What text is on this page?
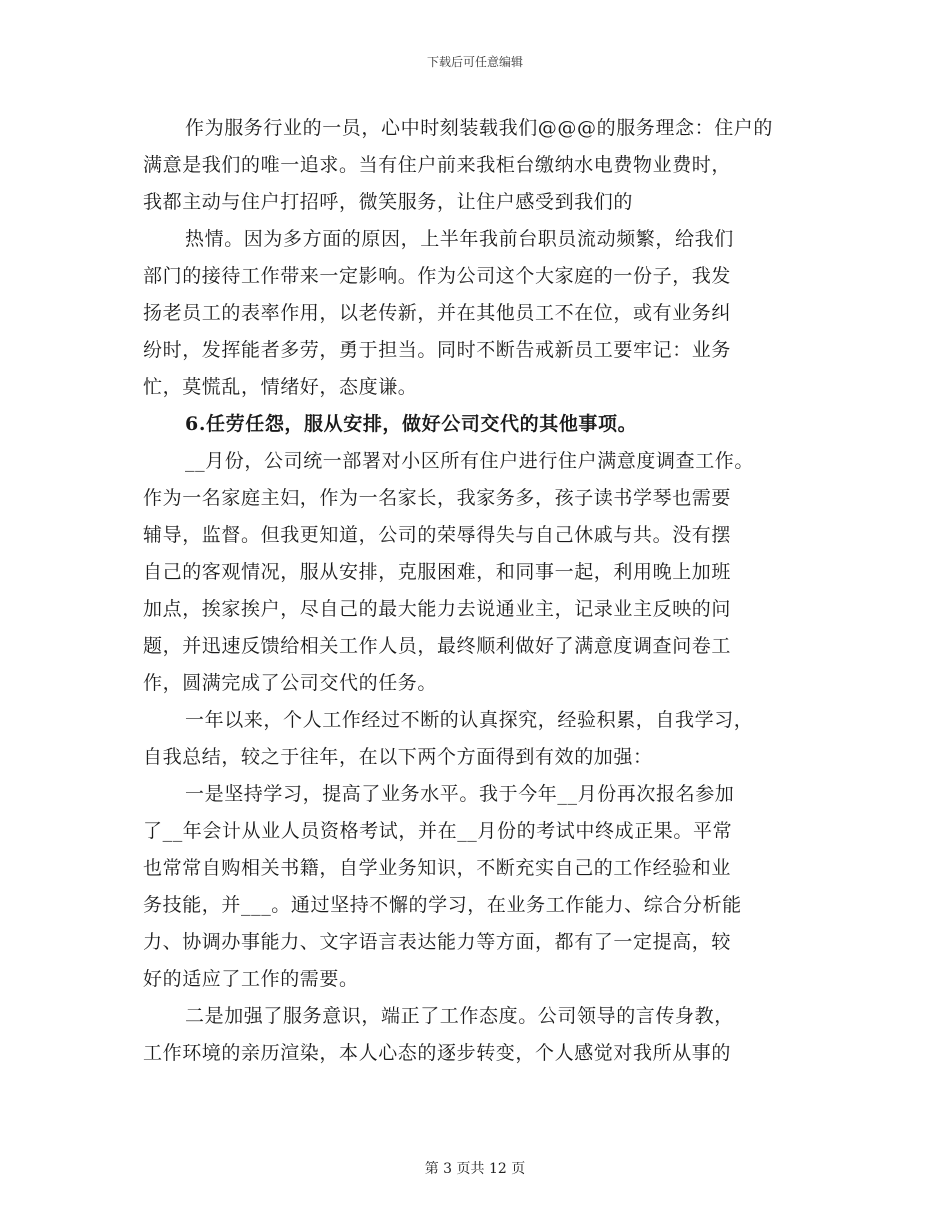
下载后可任意编辑
作为服务行业的一员，心中时刻装载我们@@@的服务理念：住户的
满意是我们的唯一追求。当有住户前来我柜台缴纳水电费物业费时，
我都主动与住户打招呼，微笑服务，让住户感受到我们的
热情。因为多方面的原因，上半年我前台职员流动频繁，给我们
部门的接待工作带来一定影响。作为公司这个大家庭的一份子，我发
扬老员工的表率作用，以老传新，并在其他员工不在位，或有业务纠
纷时，发挥能者多劳，勇于担当。同时不断告戒新员工要牢记：业务
忙，莫慌乱，情绪好，态度谦。
6.任劳任怨，服从安排，做好公司交代的其他事项。
__月份，公司统一部署对小区所有住户进行住户满意度调查工作。
作为一名家庭主妇，作为一名家长，我家务多，孩子读书学琴也需要
辅导，监督。但我更知道，公司的荣辱得失与自己休戚与共。没有摆
自己的客观情况，服从安排，克服困难，和同事一起，利用晚上加班
加点，挨家挨户，尽自己的最大能力去说通业主，记录业主反映的问
题，并迅速反馈给相关工作人员，最终顺利做好了满意度调查问卷工
作，圆满完成了公司交代的任务。
一年以来，个人工作经过不断的认真探究，经验积累，自我学习，
自我总结，较之于往年，在以下两个方面得到有效的加强：
一是坚持学习，提高了业务水平。我于今年__月份再次报名参加
了__年会计从业人员资格考试，并在__月份的考试中终成正果。平常
也常常自购相关书籍，自学业务知识，不断充实自己的工作经验和业
务技能，并___。通过坚持不懈的学习，在业务工作能力、综合分析能
力、协调办事能力、文字语言表达能力等方面，都有了一定提高，较
好的适应了工作的需要。
二是加强了服务意识，端正了工作态度。公司领导的言传身教，
工作环境的亲历渲染，本人心态的逐步转变，个人感觉对我所从事的
第 3 页共 12 页
